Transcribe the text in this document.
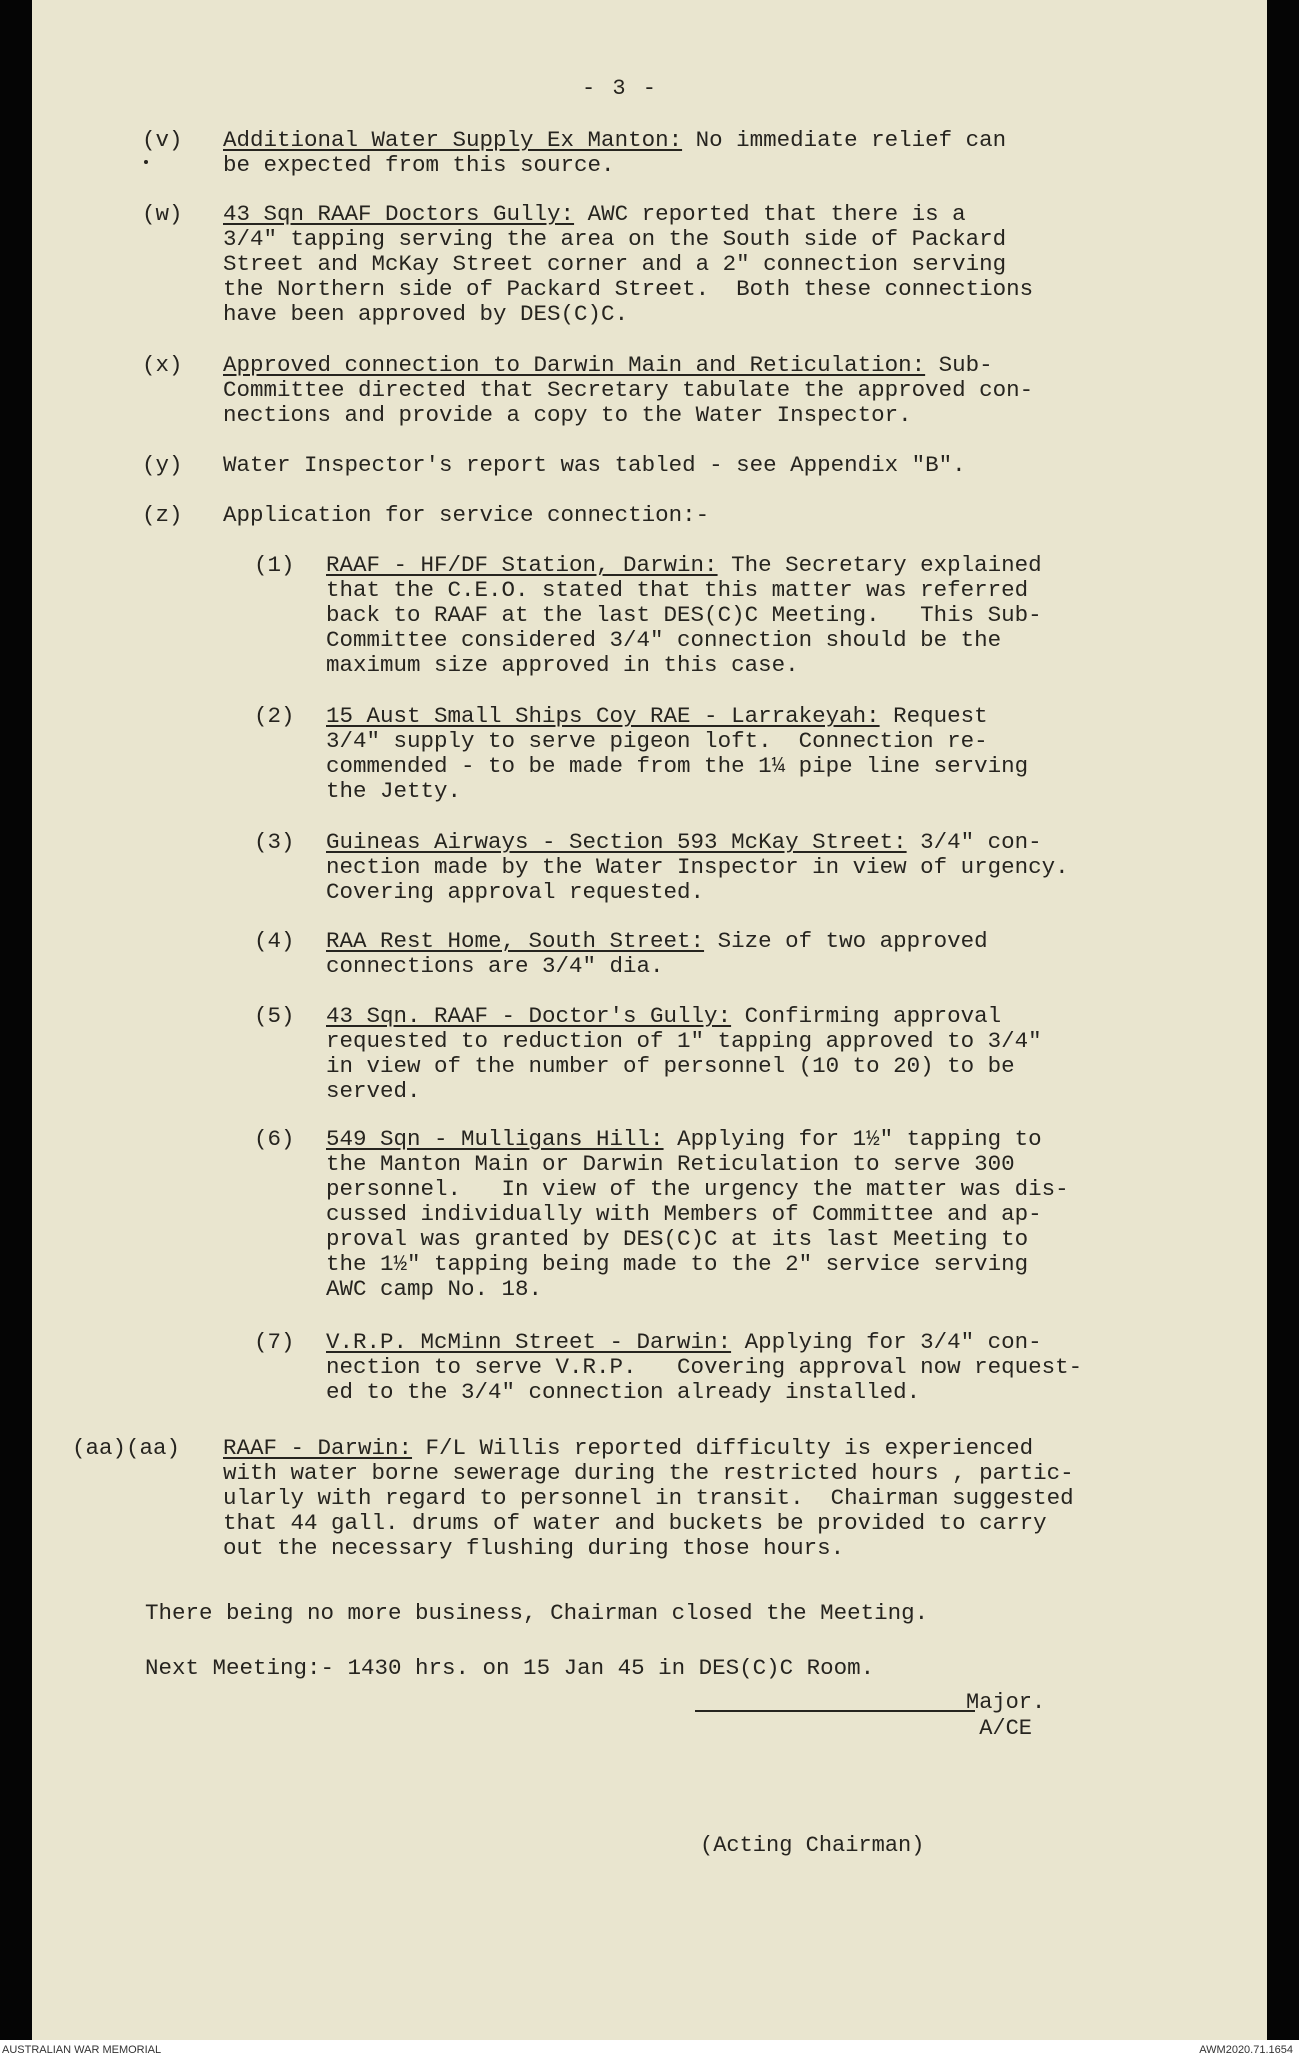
- 3 -
(v) Additional Water Supply Ex Manton: No immediate relief can
be expected from this source.
(w) 43 Sqn RAAF Doctors Gully: AWC reported that there is a
3/4" tapping serving the area on the South side of Packard
Street and McKay Street corner and a 2" connection serving
the Northern side of Packard Street.  Both these connections
have been approved by DES(C)C.
(x) Approved connection to Darwin Main and Reticulation: Sub-
Committee directed that Secretary tabulate the approved con-
nections and provide a copy to the Water Inspector.
(y) Water Inspector's report was tabled - see Appendix "B".
(z) Application for service connection:-
(1) RAAF - HF/DF Station, Darwin: The Secretary explained
that the C.E.O. stated that this matter was referred
back to RAAF at the last DES(C)C Meeting.   This Sub-
Committee considered 3/4" connection should be the
maximum size approved in this case.
(2) 15 Aust Small Ships Coy RAE - Larrakeyah: Request
3/4" supply to serve pigeon loft.  Connection re-
commended - to be made from the 1¼ pipe line serving
the Jetty.
(3) Guineas Airways - Section 593 McKay Street: 3/4" con-
nection made by the Water Inspector in view of urgency.
Covering approval requested.
(4) RAA Rest Home, South Street: Size of two approved
connections are 3/4" dia.
(5) 43 Sqn. RAAF - Doctor's Gully: Confirming approval
requested to reduction of 1" tapping approved to 3/4"
in view of the number of personnel (10 to 20) to be
served.
(6) 549 Sqn - Mulligans Hill: Applying for 1½" tapping to
the Manton Main or Darwin Reticulation to serve 300
personnel.   In view of the urgency the matter was dis-
cussed individually with Members of Committee and ap-
proval was granted by DES(C)C at its last Meeting to
the 1½" tapping being made to the 2" service serving
AWC camp No. 18.
(7) V.R.P. McMinn Street - Darwin: Applying for 3/4" con-
nection to serve V.R.P.   Covering approval now request-
ed to the 3/4" connection already installed.
(aa)(aa) RAAF - Darwin: F/L Willis reported difficulty is experienced
with water borne sewerage during the restricted hours , partic-
ularly with regard to personnel in transit.  Chairman suggested
that 44 gall. drums of water and buckets be provided to carry
out the necessary flushing during those hours.
There being no more business, Chairman closed the Meeting.
Next Meeting:- 1430 hrs. on 15 Jan 45 in DES(C)C Room.
Major.
A/CE
(Acting Chairman)
AUSTRALIAN WAR MEMORIAL	AWM2020.71.1654
